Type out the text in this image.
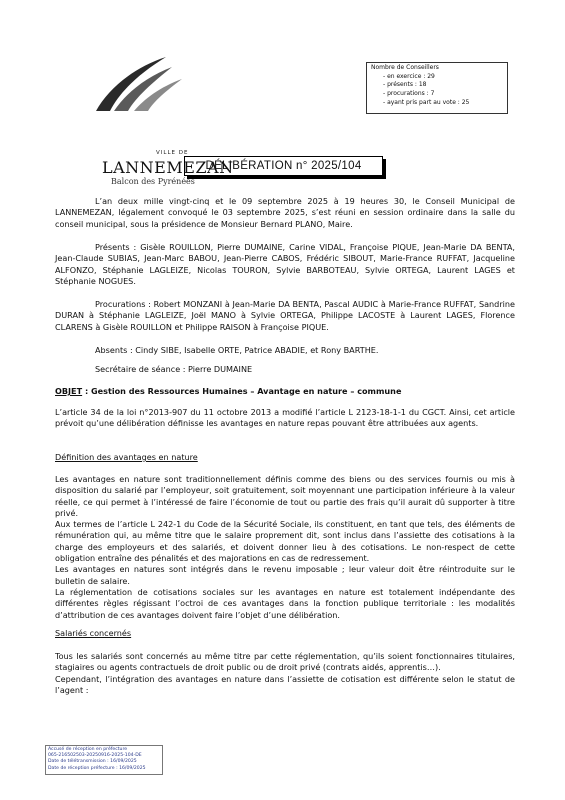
VILLE DE
LANNEMEZAN
Balcon des Pyrénées
Nombre de Conseillers
- en exercice : 29
- présents : 18
- procurations : 7
- ayant pris part au vote : 25
DÉLIBÉRATION n° 2025/104

L’an deux mille vingt-cinq et le 09 septembre 2025 à 19 heures 30, le Conseil Municipal de LANNEMEZAN, légalement convoqué le 03 septembre 2025, s’est réuni en session ordinaire dans la salle du conseil municipal, sous la présidence de Monsieur Bernard PLANO, Maire.

Présents : Gisèle ROUILLON, Pierre DUMAINE, Carine VIDAL, Françoise PIQUE, Jean-Marie DA BENTA, Jean-Claude SUBIAS, Jean-Marc BABOU, Jean-Pierre CABOS, Frédéric SIBOUT, Marie-France RUFFAT, Jacqueline ALFONZO, Stéphanie LAGLEIZE, Nicolas TOURON, Sylvie BARBOTEAU, Sylvie ORTEGA, Laurent LAGES et Stéphanie NOGUES.

Procurations : Robert MONZANI à Jean-Marie DA BENTA, Pascal AUDIC à Marie-France RUFFAT, Sandrine DURAN à Stéphanie LAGLEIZE, Joël MANO à Sylvie ORTEGA, Philippe LACOSTE à Laurent LAGES, Florence CLARENS à Gisèle ROUILLON et Philippe RAISON à Françoise PIQUE.

Absents : Cindy SIBE, Isabelle ORTE, Patrice ABADIE, et Rony BARTHE.

Secrétaire de séance : Pierre DUMAINE

OBJET : Gestion des Ressources Humaines – Avantage en nature – commune

L’article 34 de la loi n°2013-907 du 11 octobre 2013 a modifié l’article L 2123-18-1-1 du CGCT. Ainsi, cet article prévoit qu’une délibération définisse les avantages en nature repas pouvant être attribuées aux agents.

Définition des avantages en nature

Les avantages en nature sont traditionnellement définis comme des biens ou des services fournis ou mis à disposition du salarié par l’employeur, soit gratuitement, soit moyennant une participation inférieure à la valeur réelle, ce qui permet à l’intéressé de faire l’économie de tout ou partie des frais qu’il aurait dû supporter à titre privé.

Aux termes de l’article L 242-1 du Code de la Sécurité Sociale, ils constituent, en tant que tels, des éléments de rémunération qui, au même titre que le salaire proprement dit, sont inclus dans l’assiette des cotisations à la charge des employeurs et des salariés, et doivent donner lieu à des cotisations. Le non-respect de cette obligation entraîne des pénalités et des majorations en cas de redressement.

Les avantages en natures sont intégrés dans le revenu imposable ; leur valeur doit être réintroduite sur le bulletin de salaire.

La réglementation de cotisations sociales sur les avantages en nature est totalement indépendante des différentes règles régissant l’octroi de ces avantages dans la fonction publique territoriale : les modalités d’attribution de ces avantages doivent faire l’objet d’une délibération.

Salariés concernés

Tous les salariés sont concernés au même titre par cette réglementation, qu’ils soient fonctionnaires titulaires, stagiaires ou agents contractuels de droit public ou de droit privé (contrats aidés, apprentis…).

Cependant, l’intégration des avantages en nature dans l’assiette de cotisation est différente selon le statut de l’agent :

Accusé de réception en préfecture
065-216502503-20250916-2025-104-DE
Date de télétransmission : 16/09/2025
Date de réception préfecture : 16/09/2025
